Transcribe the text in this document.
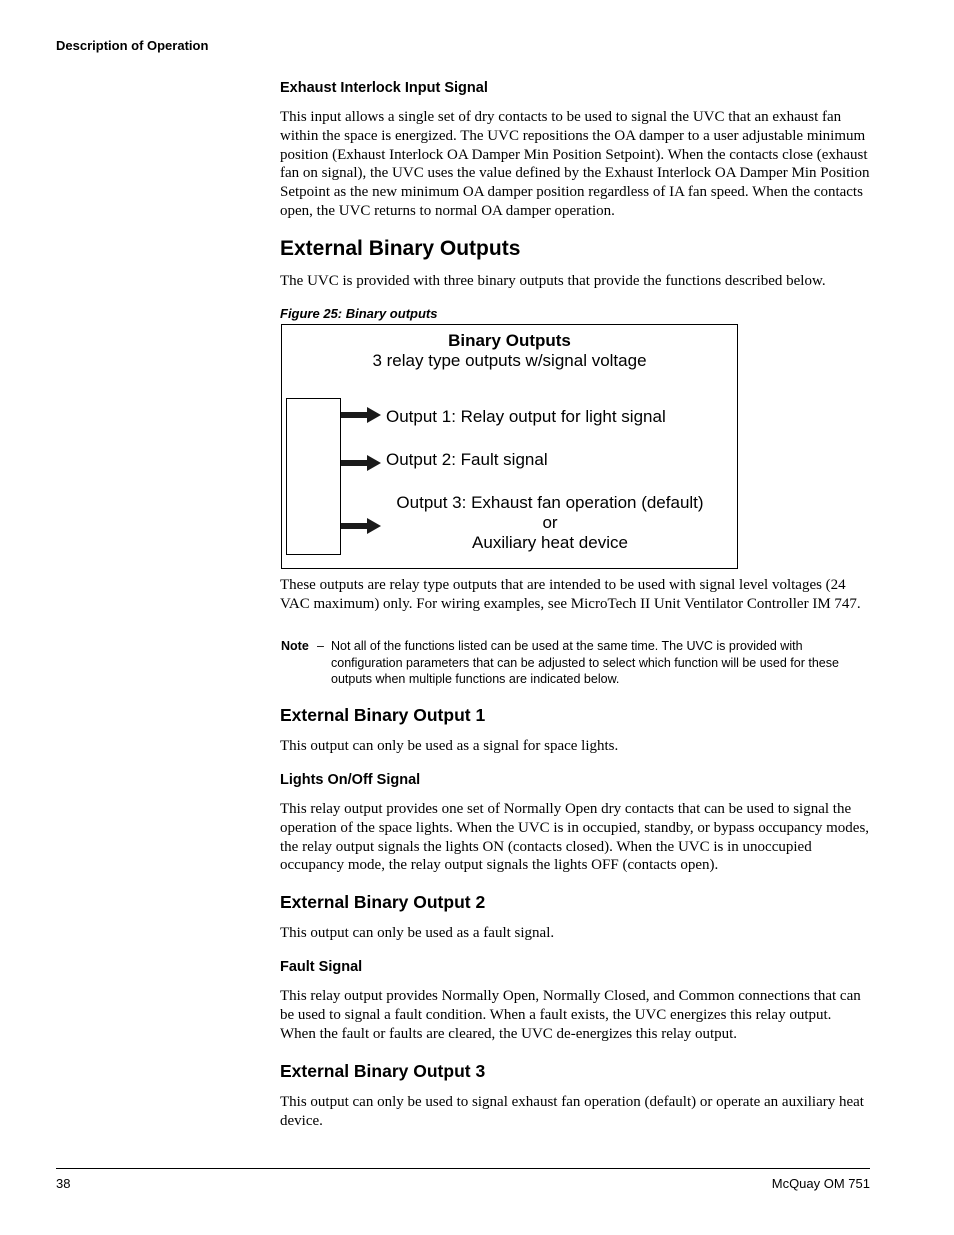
Description of Operation
Exhaust Interlock Input Signal
This input allows a single set of dry contacts to be used to signal the UVC that an exhaust fan within the space is energized. The UVC repositions the OA damper to a user adjustable minimum position (Exhaust Interlock OA Damper Min Position Setpoint). When the contacts close (exhaust fan on signal), the UVC uses the value defined by the Exhaust Interlock OA Damper Min Position Setpoint as the new minimum OA damper position regardless of IA fan speed. When the contacts open, the UVC returns to normal OA damper operation.
External Binary Outputs
The UVC is provided with three binary outputs that provide the functions described below.
Figure 25: Binary outputs
Binary Outputs
3 relay type outputs w/signal voltage
Output 1: Relay output for light signal
Output 2: Fault signal
Output 3: Exhaust fan operation (default)
or
Auxiliary heat device
These outputs are relay type outputs that are intended to be used with signal level voltages (24 VAC maximum) only. For wiring examples, see MicroTech II Unit Ventilator Controller IM 747.
Note – Not all of the functions listed can be used at the same time. The UVC is provided with configuration parameters that can be adjusted to select which function will be used for these outputs when multiple functions are indicated below.
External Binary Output 1
This output can only be used as a signal for space lights.
Lights On/Off Signal
This relay output provides one set of Normally Open dry contacts that can be used to signal the operation of the space lights. When the UVC is in occupied, standby, or bypass occupancy modes, the relay output signals the lights ON (contacts closed). When the UVC is in unoccupied occupancy mode, the relay output signals the lights OFF (contacts open).
External Binary Output 2
This output can only be used as a fault signal.
Fault Signal
This relay output provides Normally Open, Normally Closed, and Common connections that can be used to signal a fault condition. When a fault exists, the UVC energizes this relay output. When the fault or faults are cleared, the UVC de-energizes this relay output.
External Binary Output 3
This output can only be used to signal exhaust fan operation (default) or operate an auxiliary heat device.
38	McQuay OM 751
